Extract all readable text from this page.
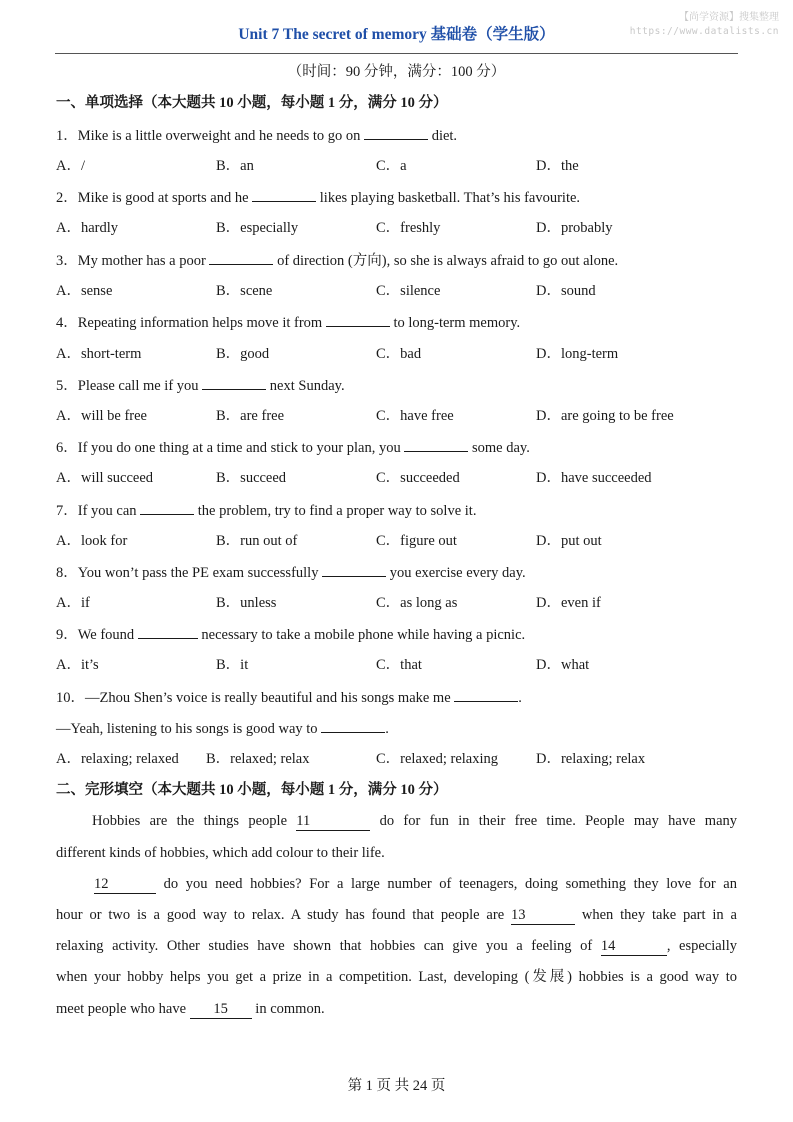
【尚学资源】搜集整理
https://www.datalists.cn
Unit 7 The secret of memory 基础卷（学生版）
（时间：90 分钟，满分：100 分）
一、单项选择（本大题共 10 小题，每小题 1 分，满分 10 分）
1．Mike is a little overweight and he needs to go on	diet.
A．/	B．an	C．a	D．the
2．Mike is good at sports and he	likes playing basketball. That’s his favourite.
A．hardly	B．especially	C．freshly	D．probably
3．My mother has a poor	of direction (方向), so she is always afraid to go out alone.
A．sense	B．scene	C．silence	D．sound
4．Repeating information helps move it from	to long-term memory.
A．short-term	B．good	C．bad	D．long-term
5．Please call me if you	next Sunday.
A．will be free	B．are free	C．have free	D．are going to be free
6．If you do one thing at a time and stick to your plan, you	some day.
A．will succeed	B．succeed	C．succeeded	D．have succeeded
7．If you can	the problem, try to find a proper way to solve it.
A．look for	B．run out of	C．figure out	D．put out
8．You won’t pass the PE exam successfully	you exercise every day.
A．if	B．unless	C．as long as	D．even if
9．We found	necessary to take a mobile phone while having a picnic.
A．it’s	B．it	C．that	D．what
10．—Zhou Shen’s voice is really beautiful and his songs make me	.
—Yeah, listening to his songs is good way to	.
A．relaxing; relaxed B．relaxed; relax	C．relaxed; relaxing	D．relaxing; relax
二、完形填空（本大题共 10 小题，每小题 1 分，满分 10 分）
Hobbies are the things people 11	do for fun in their free time. People may have many
different kinds of hobbies, which add colour to their life.
12	do you need hobbies? For a large number of teenagers, doing something they love for an
hour or two is a good way to relax. A study has found that people are 13	when they take part in a
relaxing activity. Other studies have shown that hobbies can give you a feeling of 14	, especially
when your hobby helps you get a prize in a competition. Last, developing (发展) hobbies is a good way to
meet people who have 15 in common.
第 1 页 共 24 页
